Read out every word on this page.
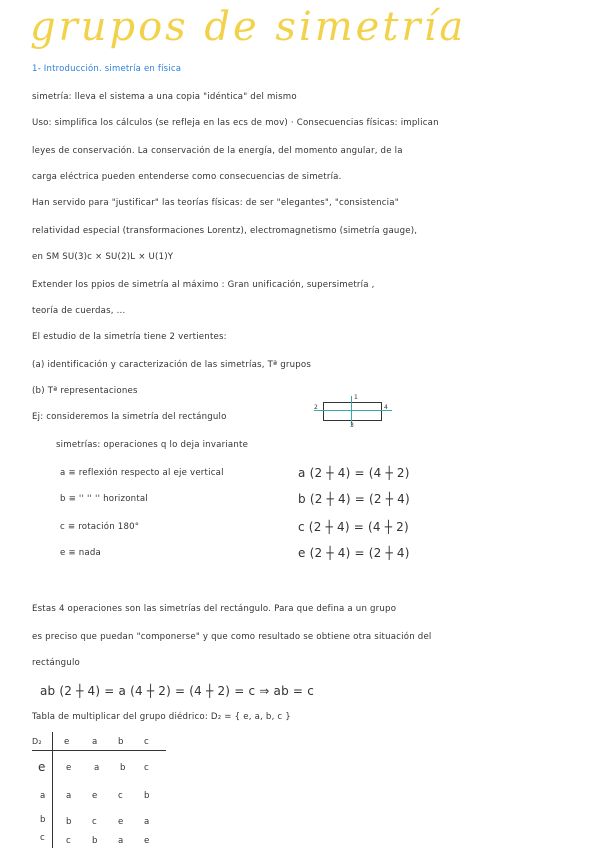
grupos de simetría
1- Introducción. simetría en física
simetría: lleva el sistema a una copia "idéntica" del mismo
Uso: simplifica los cálculos (se refleja en las ecs de mov) · Consecuencias físicas: implican
leyes de conservación. La conservación de la energía, del momento angular, de la
carga eléctrica pueden entenderse como consecuencias de simetría.
Han servido para "justificar" las teorías físicas: de ser "elegantes", "consistencia"
relatividad especial (transformaciones Lorentz), electromagnetismo (simetría gauge),
en SM SU(3)c × SU(2)L × U(1)Y
Extender los ppios de simetría al máximo : Gran unificación, supersimetría ,
teoría de cuerdas, ...
El estudio de la simetría tiene 2 vertientes:
(a) identificación y caracterización de las simetrías, Tª grupos
(b) Tª representaciones
Ej: consideremos la simetría del rectángulo
2	4
1
3
simetrías: operaciones q lo deja invariante
a ≡ reflexión respecto al eje vertical	a (2 ┼ 4) = (4 ┼ 2)
b ≡ '' '' '' horizontal	b (2 ┼ 4) = (2 ┼ 4)
c ≡ rotación 180°	c (2 ┼ 4) = (4 ┼ 2)
e ≡ nada	e (2 ┼ 4) = (2 ┼ 4)
Estas 4 operaciones son las simetrías del rectángulo. Para que defina a un grupo
es preciso que puedan "componerse" y que como resultado se obtiene otra situación del
rectángulo
ab (2 ┼ 4) = a (4 ┼ 2) = (4 ┼ 2) = c ⇒ ab = c
Tabla de multiplicar del grupo diédrico: D₂ = { e, a, b, c }
D₂	e	a b c
e e	a b c
a a e c b
b b c e a
c c b a e
